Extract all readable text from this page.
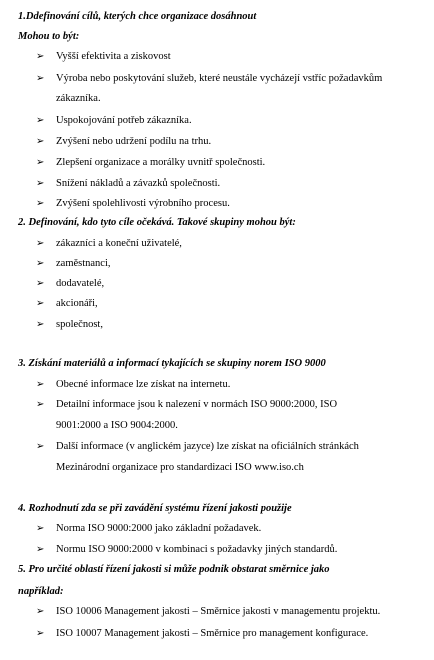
1.Ddefinování cílů, kterých chce organizace dosáhnout
Mohou to být:
➢ Vyšší efektivita a ziskovost
➢ Výroba nebo poskytování služeb, které neustále vycházejí vstříc požadavkům
zákazníka.
➢ Uspokojování potřeb zákazníka.
➢ Zvýšení nebo udržení podílu na trhu.
➢ Zlepšení organizace a morálky uvnitř společnosti.
➢ Snížení nákladů a závazků společnosti.
➢ Zvýšení spolehlivosti výrobního procesu.
2. Definování, kdo tyto cíle očekává. Takové skupiny mohou být:
➢ zákazníci a koneční uživatelé,
➢ zaměstnanci,
➢ dodavatelé,
➢ akcionáři,
➢ společnost,
3. Získání materiálů a informací tykajících se skupiny norem ISO 9000
➢ Obecné informace lze získat na internetu.
➢ Detailní informace jsou k nalezení v normách ISO 9000:2000, ISO
9001:2000 a ISO 9004:2000.
➢ Další informace (v anglickém jazyce) lze získat na oficiálních stránkách
Mezinárodní organizace pro standardizaci ISO www.iso.ch
4. Rozhodnutí zda se při zavádění systému řízení jakosti použije
➢ Norma ISO 9000:2000 jako základní požadavek.
➢ Normu ISO 9000:2000 v kombinaci s požadavky jiných standardů.
5. Pro určité oblastí řízení jakosti si může podnik obstarat směrnice jako
například:
➢ ISO 10006 Management jakosti – Směrnice jakosti v managementu projektu.
➢ ISO 10007 Management jakosti – Směrnice pro management konfigurace.
